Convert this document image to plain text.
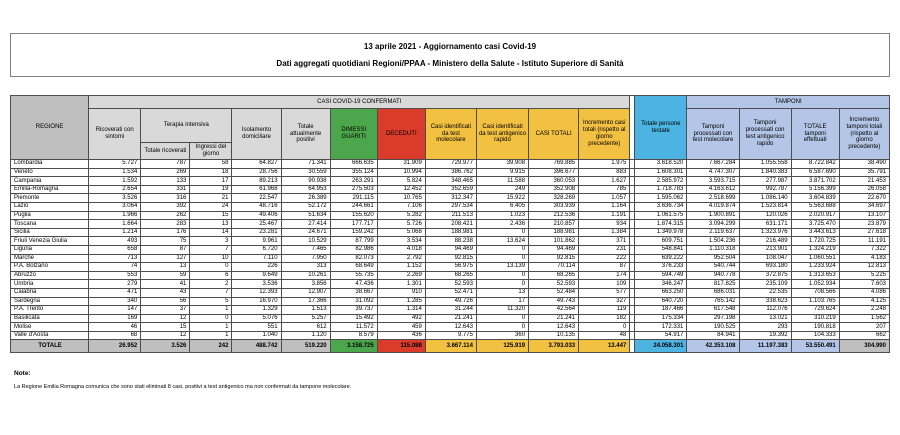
13 aprile 2021 - Aggiornamento casi Covid-19
Dati aggregati quotidiani Regioni/PPAA - Ministero della Salute - Istituto Superiore di Sanità
REGIONE	CASI COVID-19 CONFERMATI												Totale persone testate	TAMPONI			
	Ricoverati con sintomi	Terapia intensiva		Isolamento domiciliare	Totale attualmente positivi	DIMESSI GUARITI	DECEDUTI	Casi identificati da test molecolare	Casi identificati da test antigenico rapido	CASI TOTALI	Incremento casi totali (rispetto al giorno precedente)			Tamponi processati con test molecolare	Tamponi processati con test antigenico rapido	TOTALE tamponi effettuati	Incremento tamponi totali (rispetto al giorno precedente)
		Totale ricoverati	Ingressi del giorno														
Lombardia	5.727	787	58	64.827	71.341	666.635	31.909	729.977	39.908	769.885	1.975		3.618.520	7.667.284	1.055.558	8.722.842	38.490
Veneto	1.534	269	18	28.756	30.559	355.124	10.994	386.762	9.915	396.677	883		1.608.301	4.747.307	1.840.383	6.587.690	35.791
Campania	1.592	133	17	89.213	90.938	263.291	5.824	348.465	11.588	360.053	1.627		2.585.972	3.593.715	277.987	3.871.702	21.453
Emilia-Romagna	2.654	331	19	61.968	64.953	275.503	12.452	352.659	249	352.908	785		1.718.783	4.163.612	992.787	5.156.399	26.058
Piemonte	3.526	316	21	22.547	26.389	291.115	10.765	312.347	15.922	328.269	1.057		1.595.062	2.518.699	1.086.140	3.604.839	22.670
Lazio	3.064	392	24	48.716	52.172	244.661	7.106	297.534	6.405	303.939	1.164		3.636.734	4.019.874	1.523.814	5.563.688	34.697
Puglia	1.966	262	15	49.406	51.634	155.620	5.282	211.513	1.023	212.536	1.191		1.061.575	1.900.891	120.026	2.020.917	13.107
Toscana	1.664	283	13	25.467	27.414	177.717	5.726	208.421	2.436	210.857	934		1.874.315	3.094.299	631.171	3.725.470	23.879
Sicilia	1.214	176	14	23.281	24.671	159.242	5.068	188.981	0	188.981	1.384		1.349.978	2.119.637	1.323.976	3.443.613	27.618
Friuli Venezia Giulia	493	75	3	9.961	10.529	87.799	3.534	88.238	13.624	101.862	371		609.751	1.504.236	216.489	1.720.725	11.191
Liguria	658	87	7	6.720	7.465	82.986	4.018	94.469	0	94.469	231		548.841	1.110.318	213.901	1.324.219	7.322
Marche	713	127	10	7.110	7.950	82.073	2.792	92.815	0	92.815	222		639.222	952.504	108.047	1.060.551	4.183
P.A. Bolzano	74	13	0	226	313	68.649	1.152	56.975	13.139	70.114	87		376.233	540.744	693.180	1.233.924	12.813
Abruzzo	553	59	6	9.649	10.261	55.735	2.269	68.265	0	68.265	174		594.749	940.778	372.875	1.313.653	5.225
Umbria	279	41	2	3.536	3.856	47.436	1.301	52.593	0	52.593	109		346.247	817.825	235.109	1.052.934	7.603
Calabria	471	43	7	12.393	12.907	38.667	910	52.471	13	52.484	577		663.250	686.031	22.535	708.566	4.086
Sardegna	340	56	5	16.970	17.366	31.092	1.285	49.726	17	49.743	327		640.720	765.142	338.623	1.103.765	4.125
P.A. Trento	147	37	1	1.329	1.513	39.737	1.314	31.244	11.320	42.564	119		187.466	617.548	112.076	729.624	2.248
Basilicata	169	12	0	5.076	5.257	15.492	492	21.241	0	21.241	182		175.334	297.198	13.021	310.219	1.562
Molise	46	15	1	551	612	11.572	459	12.643	0	12.643	0		172.331	190.525	293	190.818	207
Valle d'Aosta	68	12	1	1.040	1.120	8.579	436	9.775	360	10.135	48		54.917	84.941	19.392	104.333	662
TOTALE	26.952	3.526	242	488.742	519.220	3.158.725	115.088	3.667.114	125.919	3.793.033	13.447		24.058.301	42.353.108	11.197.383	53.550.491	304.990
Note:
La Regione Emilia Romagna comunica che sono stati eliminati 8 casi, positivi a test antigenico ma non confermati da tampone molecolare.
